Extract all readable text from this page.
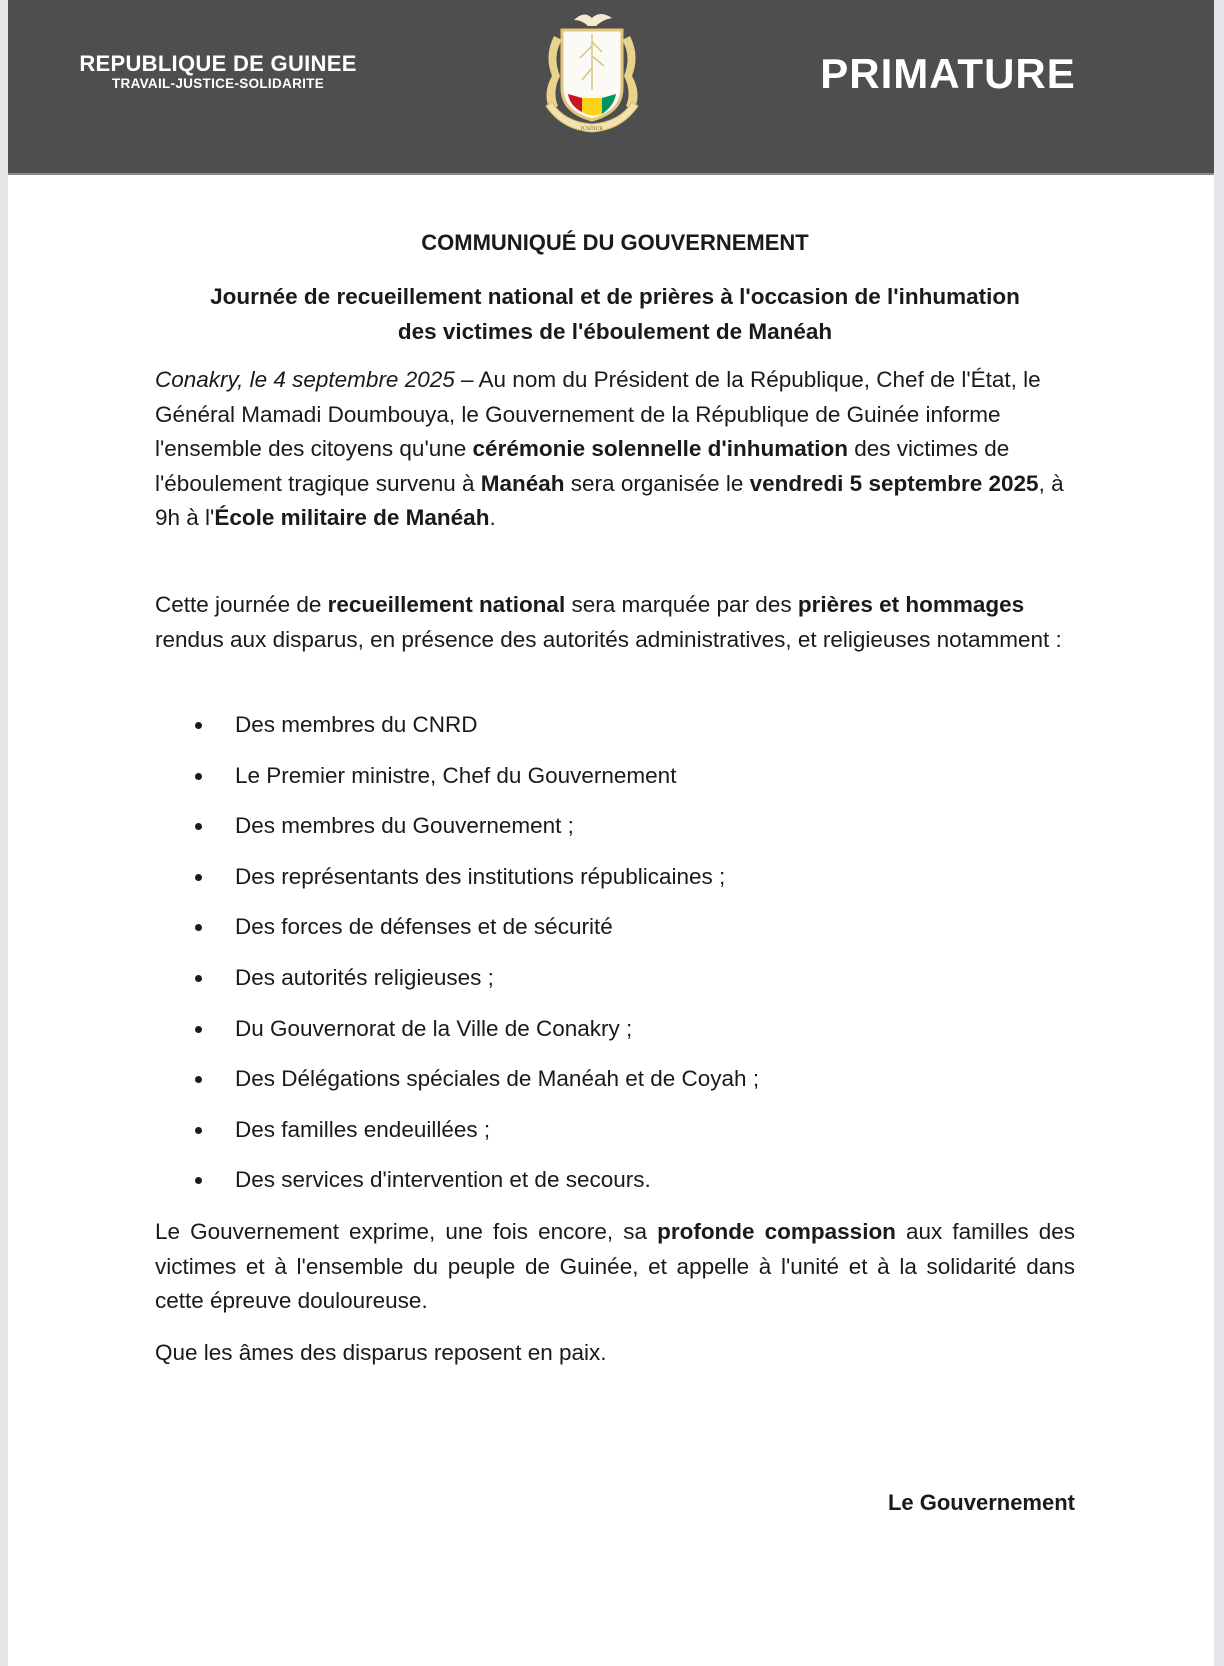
REPUBLIQUE DE GUINEE
TRAVAIL-JUSTICE-SOLIDARITE
JUSTICE
PRIMATURE
COMMUNIQUÉ DU GOUVERNEMENT
Journée de recueillement national et de prières à l'occasion de l'inhumation
des victimes de l'éboulement de Manéah
Conakry, le 4 septembre 2025 – Au nom du Président de la République, Chef de l'État, le Général Mamadi Doumbouya, le Gouvernement de la République de Guinée informe l'ensemble des citoyens qu'une cérémonie solennelle d'inhumation des victimes de l'éboulement tragique survenu à Manéah sera organisée le vendredi 5 septembre 2025, à 9h à l'École militaire de Manéah.
Cette journée de recueillement national sera marquée par des prières et hommages rendus aux disparus, en présence des autorités administratives, et religieuses notamment :
Des membres du CNRD
Le Premier ministre, Chef du Gouvernement
Des membres du Gouvernement ;
Des représentants des institutions républicaines ;
Des forces de défenses et de sécurité
Des autorités religieuses ;
Du Gouvernorat de la Ville de Conakry ;
Des Délégations spéciales de Manéah et de Coyah ;
Des familles endeuillées ;
Des services d'intervention et de secours.
Le Gouvernement exprime, une fois encore, sa profonde compassion aux familles des victimes et à l'ensemble du peuple de Guinée, et appelle à l'unité et à la solidarité dans cette épreuve douloureuse.
Que les âmes des disparus reposent en paix.
Le Gouvernement
